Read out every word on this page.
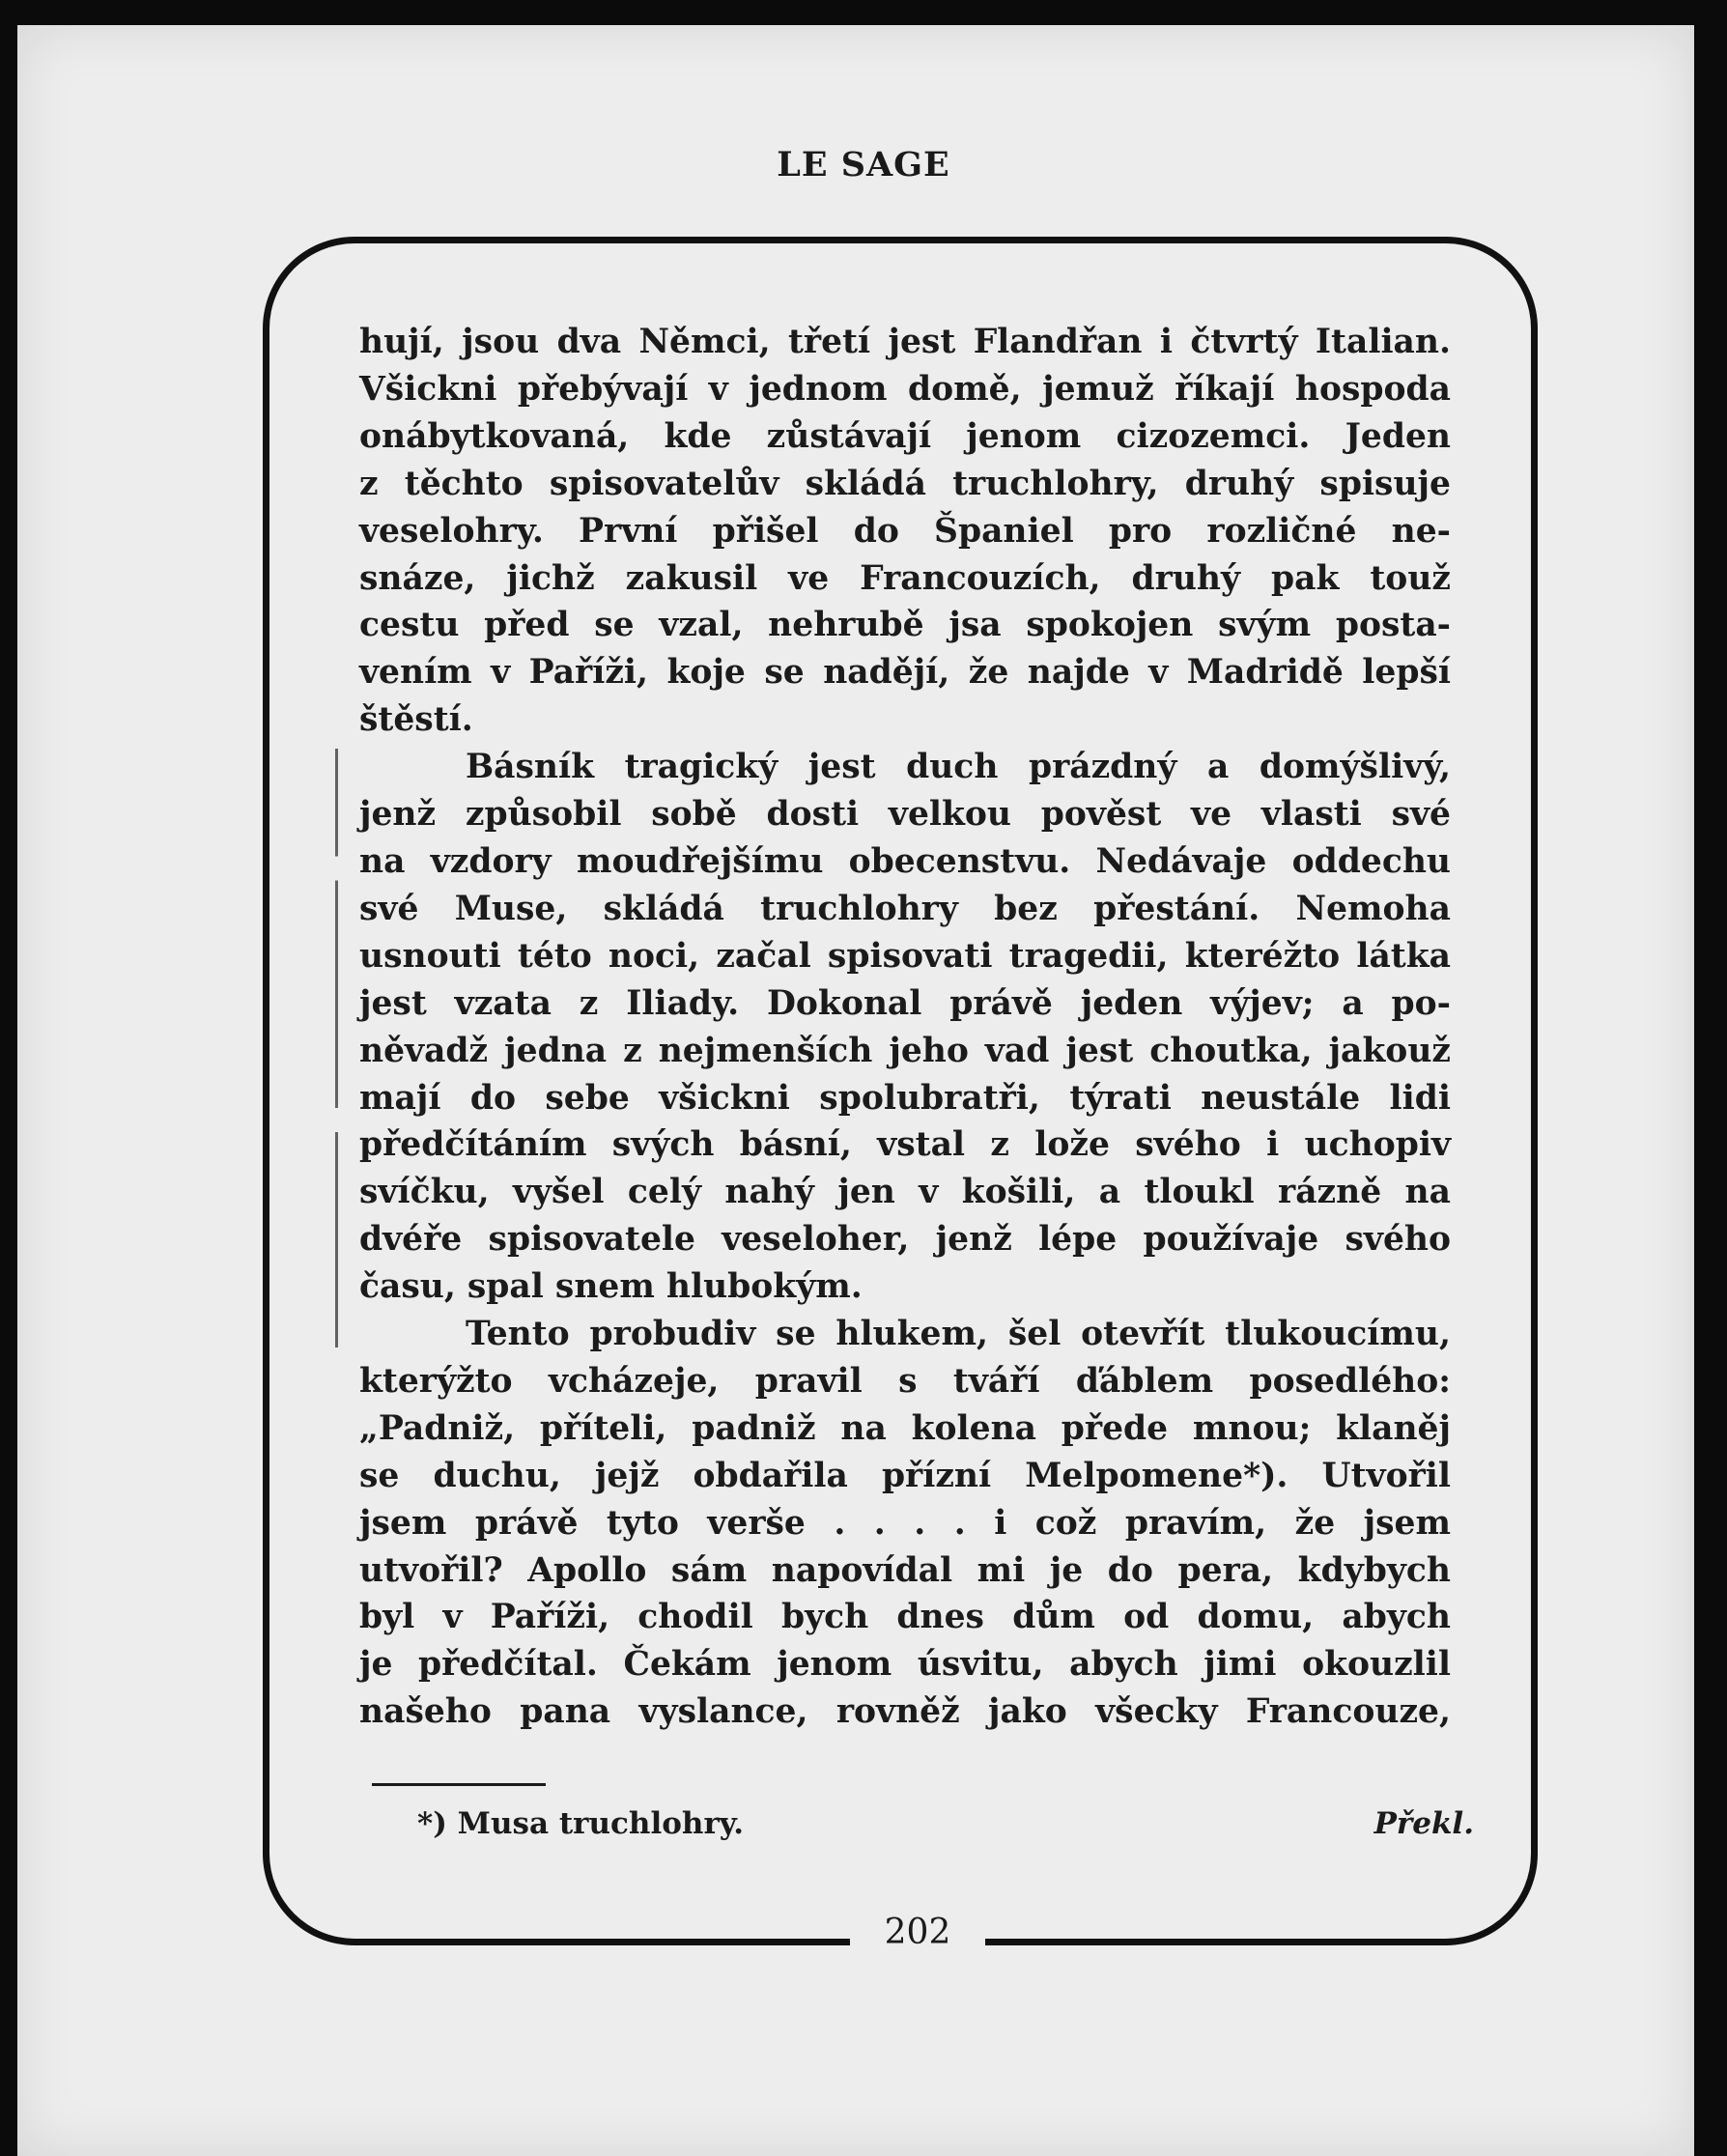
LE SAGE
202
hují, jsou dva Němci, třetí jest Flandřan i čtvrtý Italian.
Všickni přebývají v jednom domě, jemuž říkají hospoda
onábytkovaná, kde zůstávají jenom cizozemci. Jeden
z těchto spisovatelův skládá truchlohry, druhý spisuje
veselohry. První přišel do Španiel pro rozličné ne-
snáze, jichž zakusil ve Francouzích, druhý pak touž
cestu před se vzal, nehrubě jsa spokojen svým posta-
vením v Paříži, koje se nadějí, že najde v Madridě lepší
štěstí.
Básník tragický jest duch prázdný a domýšlivý,
jenž způsobil sobě dosti velkou pověst ve vlasti své
na vzdory moudřejšímu obecenstvu. Nedávaje oddechu
své Muse, skládá truchlohry bez přestání. Nemoha
usnouti této noci, začal spisovati tragedii, kteréžto látka
jest vzata z Iliady. Dokonal právě jeden výjev; a po-
něvadž jedna z nejmenších jeho vad jest choutka, jakouž
mají do sebe všickni spolubratři, týrati neustále lidi
předčítáním svých básní, vstal z lože svého i uchopiv
svíčku, vyšel celý nahý jen v košili, a tloukl rázně na
dvéře spisovatele veseloher, jenž lépe používaje svého
času, spal snem hlubokým.
Tento probudiv se hlukem, šel otevřít tlukoucímu,
kterýžto vcházeje, pravil s tváří ďáblem posedlého:
„Padniž, příteli, padniž na kolena přede mnou; klaněj
se duchu, jejž obdařila přízní Melpomene*). Utvořil
jsem právě tyto verše . . . . i což pravím, že jsem
utvořil? Apollo sám napovídal mi je do pera, kdybych
byl v Paříži, chodil bych dnes dům od domu, abych
je předčítal. Čekám jenom úsvitu, abych jimi okouzlil
našeho pana vyslance, rovněž jako všecky Francouze,
*) Musa truchlohry.	Překl.
